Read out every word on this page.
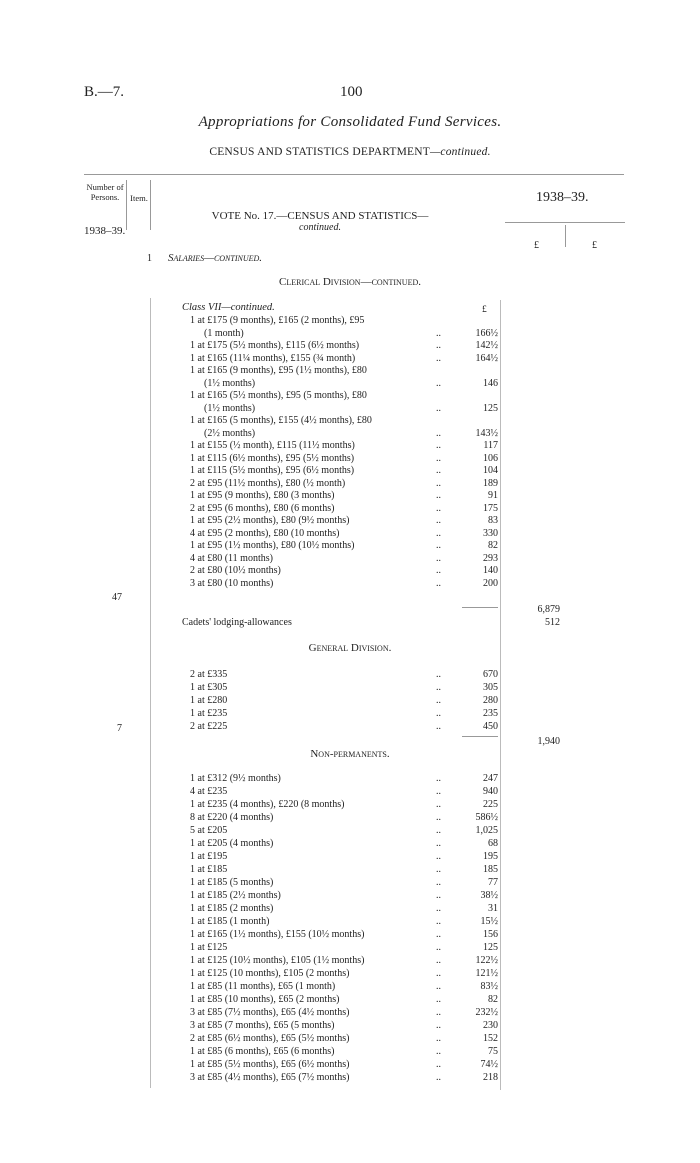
B.—7.	100
Appropriations for Consolidated Fund Services.
CENSUS AND STATISTICS DEPARTMENT—continued.
Number of Persons.	Item.
1938–39.
VOTE No. 17.—CENSUS AND STATISTICS—
continued.
1938–39.
£	£
1 Salaries—continued.
Clerical Division—continued.
Class VII—continued.	£
1 at £175 (9 months), £165 (2 months), £95
(1 month)	..	166½
1 at £175 (5½ months), £115 (6½ months)	..	142½
1 at £165 (11¼ months), £155 (¾ month)	..	164½
1 at £165 (9 months), £95 (1½ months), £80
(1½ months)	..	146
1 at £165 (5½ months), £95 (5 months), £80
(1½ months)	..	125
1 at £165 (5 months), £155 (4½ months), £80
(2½ months)	..	143½
1 at £155 (½ month), £115 (11½ months)	..	117
1 at £115 (6½ months), £95 (5½ months)	..	106
1 at £115 (5½ months), £95 (6½ months)	..	104
2 at £95 (11½ months), £80 (½ month)	..	189
1 at £95 (9 months), £80 (3 months)	..	91
2 at £95 (6 months), £80 (6 months)	..	175
1 at £95 (2½ months), £80 (9½ months)	..	83
4 at £95 (2 months), £80 (10 months)	..	330
1 at £95 (1½ months), £80 (10½ months)	..	82
4 at £80 (11 months)	..	293
2 at £80 (10½ months)	..	140
3 at £80 (10 months)	..	200
47
6,879
Cadets' lodging-allowances	512
General Division.
2 at £335	..	670
1 at £305	..	305
1 at £280	..	280
1 at £235	..	235
2 at £225	..	450
7
1,940
Non-permanents.
1 at £312 (9½ months)	..	247
4 at £235	..	940
1 at £235 (4 months), £220 (8 months)	..	225
8 at £220 (4 months)	..	586½
5 at £205	..	1,025
1 at £205 (4 months)	..	68
1 at £195	..	195
1 at £185	..	185
1 at £185 (5 months)	..	77
1 at £185 (2½ months)	..	38½
1 at £185 (2 months)	..	31
1 at £185 (1 month)	..	15½
1 at £165 (1½ months), £155 (10½ months)	..	156
1 at £125	..	125
1 at £125 (10½ months), £105 (1½ months)	..	122½
1 at £125 (10 months), £105 (2 months)	..	121½
1 at £85 (11 months), £65 (1 month)	..	83½
1 at £85 (10 months), £65 (2 months)	..	82
3 at £85 (7½ months), £65 (4½ months)	..	232½
3 at £85 (7 months), £65 (5 months)	..	230
2 at £85 (6½ months), £65 (5½ months)	..	152
1 at £85 (6 months), £65 (6 months)	..	75
1 at £85 (5½ months), £65 (6½ months)	..	74½
3 at £85 (4½ months), £65 (7½ months)	..	218
